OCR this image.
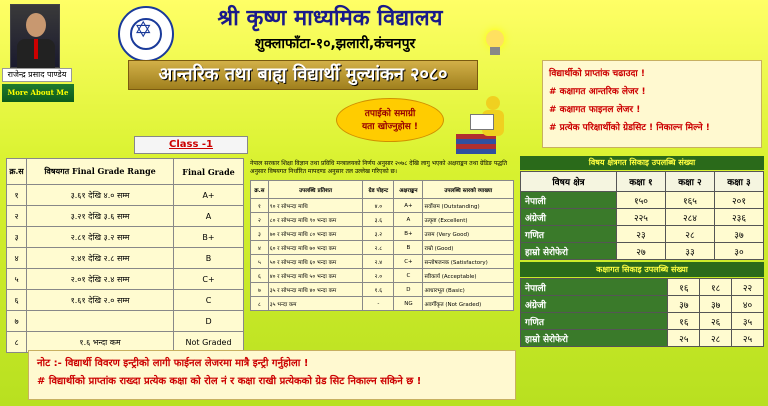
राजेन्द्र प्रसाद पाण्डेय
More About Me
✡	श्री कृष्ण माध्यमिक विद्यालय
शुक्लाफाँटा-१०,झलारी,कंचनपुर
आन्तरिक तथा बाह्य विद्यार्थी मुल्यांकन २०८०	विद्यार्थीको प्राप्तांक चढाउदा !
# कक्षागत आन्तरिक लेजर !
# कक्षागत फाइनल लेजर !
# प्रत्येक परिक्षार्थीको ग्रेडसिट ! निकाल्न मिल्ने !
तपाईको समाग्री
यता खोज्नुहोस !
Class -1
क्र.स	विषयगत Final Grade Range	Final Grade
१	३.६१ देखि ४.० सम्म	A+
२	३.२१ देखि ३.६ सम्म	A
३	२.८१ देखि ३.२ सम्म	B+
४	२.४१ देखि २.८ सम्म	B
५	२.०१ देखि २.४ सम्म	C+
६	१.६१ देखि २.० सम्म	C
७		D
८	१.६ भन्दा कम	Not Graded
नेपाल सरकार शिक्षा विज्ञान तथा प्रविधि मन्त्रालयको निर्णय अनुसार २०७८ देखि लागु भएको अक्षराङ्कन तथा ग्रेडिङ पद्धति अनुसार विषयगत निर्धारित मापदण्ड अनुसार तल उल्लेख गरिएको छ।
क्र.स	उपलब्धि प्रतिशत	ग्रेड पोइन्ट	अक्षराङ्कन	उपलब्धि स्तरको व्याख्या
१	९० र सोभन्दा माथि	४.०	A+	सर्वोत्तम (Outstanding)
२	८० र सोभन्दा माथि ९० भन्दा कम	३.६	A	उत्कृष्ट (Excellent)
३	७० र सोभन्दा माथि ८० भन्दा कम	३.२	B+	उत्तम (Very Good)
४	६० र सोभन्दा माथि ७० भन्दा कम	२.८	B	राम्रो (Good)
५	५० र सोभन्दा माथि ६० भन्दा कम	२.४	C+	सन्तोषजनक (Satisfactory)
६	४० र सोभन्दा माथि ५० भन्दा कम	२.०	C	स्वीकार्य (Acceptable)
७	३५ र सोभन्दा माथि ४० भन्दा कम	१.६	D	आधारभूत (Basic)
८	३५ भन्दा कम	-	NG	अवर्गीकृत (Not Graded)
विषय क्षेत्रगत सिकाइ उपलब्धि संख्या
विषय क्षेत्र	कक्षा १	कक्षा २	कक्षा ३
नेपाली	१५०	१६५	२०१
अंग्रेजी	२२५	२८४	२३६
गणित	२३	२८	३७
हाम्रो सेरोफेरो	२७	३३	३०
कक्षागत सिकाइ उपलब्धि संख्या
नेपाली	१६	१८	२२
अंग्रेजी	३७	३७	४०
गणित	१६	२६	३५
हाम्रो सेरोफेरो	२५	२८	२५
नोट :- विद्यार्थी विवरण इन्ट्रीको लागी फाईनल लेजरमा मात्रै इन्ट्री गर्नुहोला !
# विद्यार्थीको प्राप्तांक राख्दा प्रत्येक कक्षा को रोल नं र कक्षा राखी प्रत्येकको ग्रेड सिट निकाल्न सकिने छ !
